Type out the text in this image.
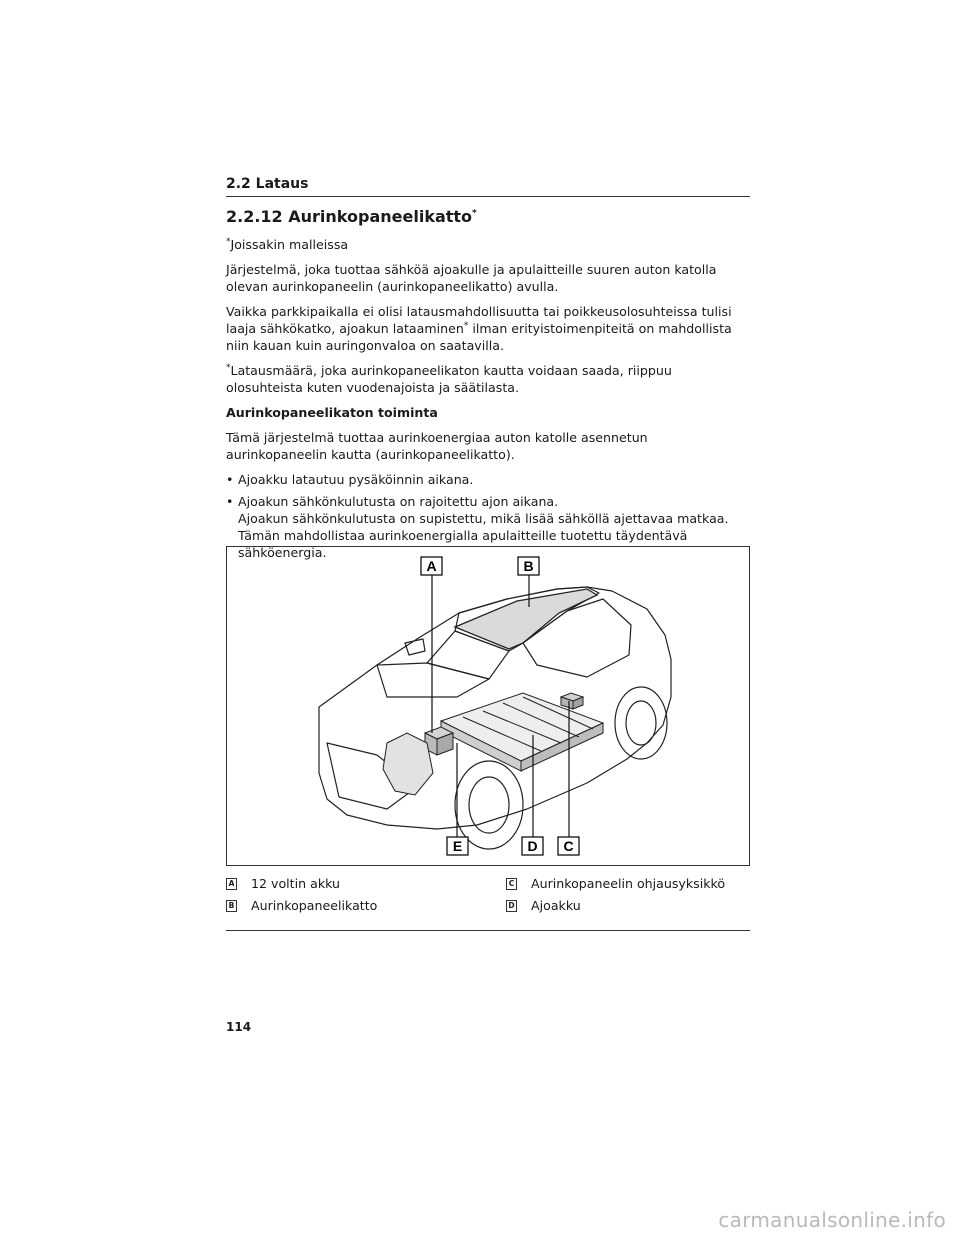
2.2 Lataus
2.2.12 Aurinkopaneelikatto*

*Joissakin malleissa

Järjestelmä, joka tuottaa sähköä ajoakulle ja apulaitteille suuren auton katolla olevan aurinkopaneelin (aurinkopaneelikatto) avulla.

Vaikka parkkipaikalla ei olisi latausmahdollisuutta tai poikkeusolosuhteissa tulisi laaja sähkökatko, ajoakun lataaminen* ilman erityistoimenpiteitä on mahdollista niin kauan kuin auringonvaloa on saatavilla.

*Latausmäärä, joka aurinkopaneelikaton kautta voidaan saada, riippuu olosuhteista kuten vuodenajoista ja säätilasta.

Aurinkopaneelikaton toiminta

Tämä järjestelmä tuottaa aurinkoenergiaa auton katolle asennetun aurinkopaneelin kautta (aurinkopaneelikatto).

• Ajoakku latautuu pysäköinnin aikana.
• Ajoakun sähkönkulutusta on rajoitettu ajon aikana.
Ajoakun sähkönkulutusta on supistettu, mikä lisää sähköllä ajettavaa matkaa. Tämän mahdollistaa aurinkoenergialla apulaitteille tuotettu täydentävä sähköenergia.
A	B
E	D C
A 12 voltin akku
B Aurinkopaneelikatto
C Aurinkopaneelin ohjausyksikkö
D Ajoakku
114
carmanualsonline.info
